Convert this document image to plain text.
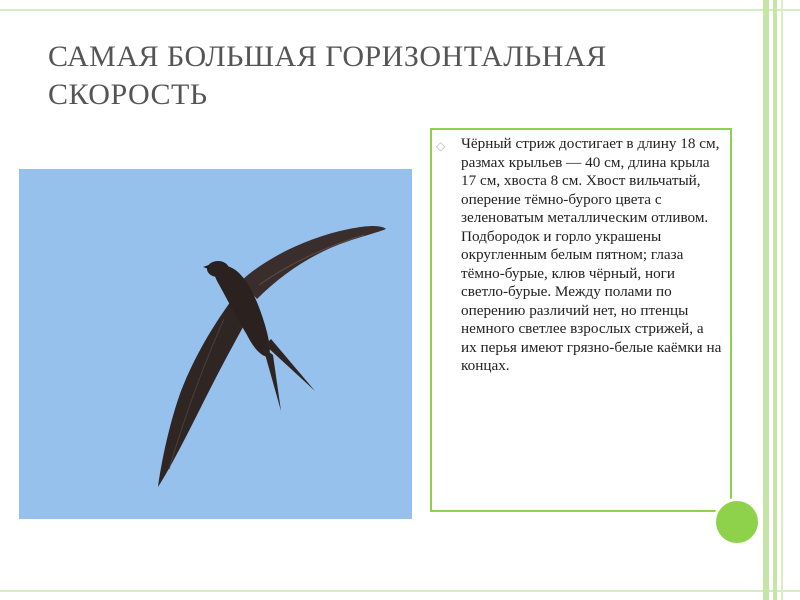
САМАЯ БОЛЬШАЯ ГОРИЗОНТАЛЬНАЯ СКОРОСТЬ
◇ Чёрный стриж достигает в длину 18 см, размах крыльев — 40 см, длина крыла 17 см, хвоста 8 см. Хвост вильчатый, оперение тёмно-бурого цвета с зеленоватым металлическим отливом. Подбородок и горло украшены округленным белым пятном; глаза тёмно-бурые, клюв чёрный, ноги светло-бурые. Между полами по оперению различий нет, но птенцы немного светлее взрослых стрижей, а их перья имеют грязно-белые каёмки на концах.
